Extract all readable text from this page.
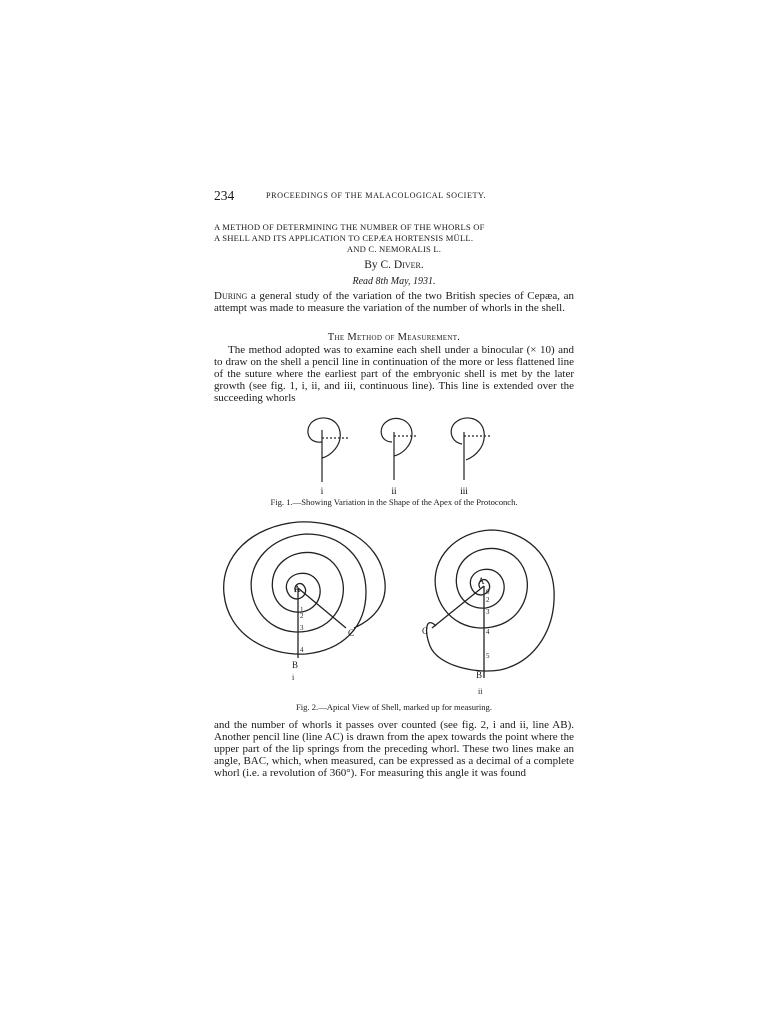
234	PROCEEDINGS OF THE MALACOLOGICAL SOCIETY.
A METHOD OF DETERMINING THE NUMBER OF THE WHORLS OF
A SHELL AND ITS APPLICATION TO CEPÆA HORTENSIS MÜLL.
AND C. NEMORALIS L.
By C. Diver.
Read 8th May, 1931.
During a general study of the variation of the two British species of Cepæa, an attempt was made to measure the variation of the number of whorls in the shell.
The Method of Measurement.
The method adopted was to examine each shell under a binocular (× 10) and to draw on the shell a pencil line in continuation of the more or less flattened line of the suture where the earliest part of the embryonic shell is met by the later growth (see fig. 1, i, ii, and iii, continuous line). This line is extended over the succeeding whorls
i	ii	iii
Fig. 1.—Showing Variation in the Shape of the Apex of the Protoconch.
A
1
2
3
4
C
B
i
A
0
2
3
4
5
C
B
ii
Fig. 2.—Apical View of Shell, marked up for measuring.
and the number of whorls it passes over counted (see fig. 2, i and ii, line AB). Another pencil line (line AC) is drawn from the apex towards the point where the upper part of the lip springs from the preceding whorl. These two lines make an angle, BAC, which, when measured, can be expressed as a decimal of a complete whorl (i.e. a revolution of 360°). For measuring this angle it was found
